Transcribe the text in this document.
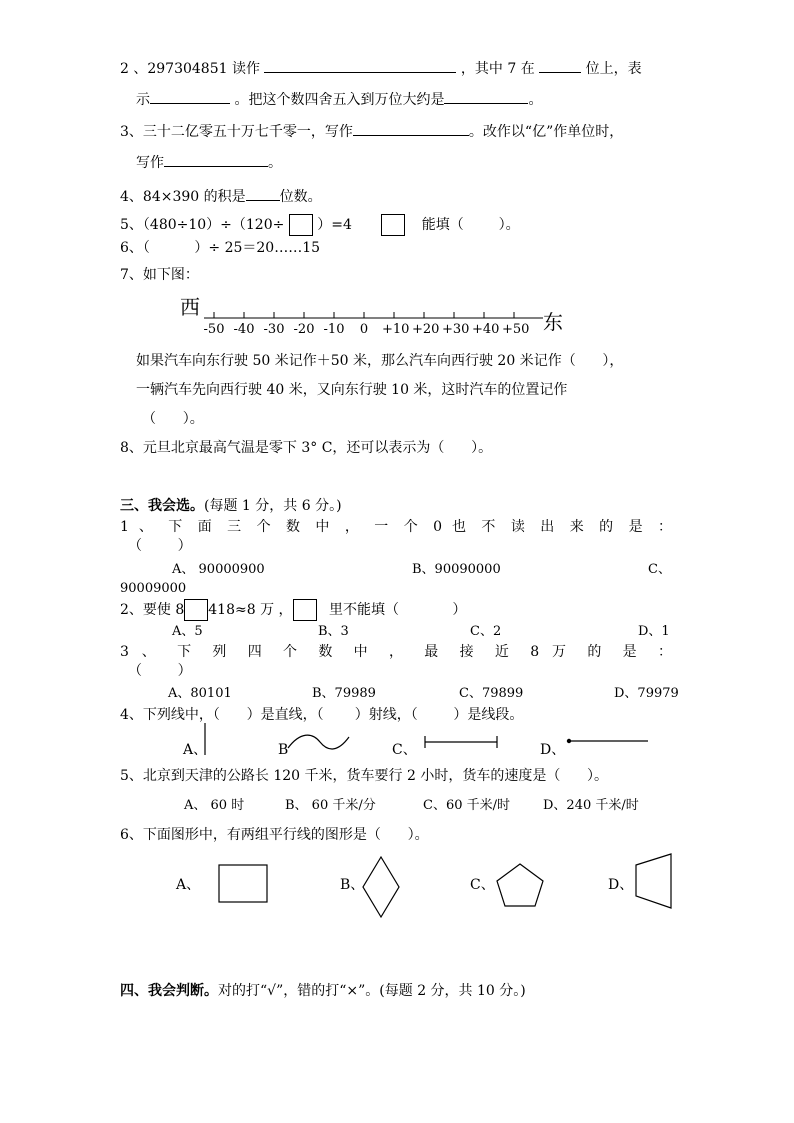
2 、297304851 读作	，其中 7 在	位上，表
示	。把这个数四舍五入到万位大约是	。
3、三十二亿零五十万七千零一，写作	。改作以“亿”作单位时，
写作	。
4、84×390 的积是 位数。
5、（480÷10）÷（120÷ ）=4	能填（ ）。
6、（          ）÷ 25＝20……15
7、如下图：
西
东
-50 -40 -30 -20 -10	0	+10 +20 +30 +40 +50
如果汽车向东行驶 50 米记作＋50 米，那么汽车向西行驶 20 米记作（      ），
一辆汽车先向西行驶 40 米，又向东行驶 10 米，这时汽车的位置记作
（      ）。
8、元旦北京最高气温是零下 3° C，还可以表示为（      ）。
三、我会选。(每题 1 分，共 6 分。)
1 、 下 面 三 个 数 中 ， 一 个 0 也 不 读 出 来 的 是 ：
（        ）
A、 90000900	B、90090000	C、
90009000
2、要使 8 418≈8 万 ，	里不能填（            ）
A、5	B、3	C、2	D、1
3 、 下 列 四 个 数 中 ， 最 接 近 8 万 的 是 ：
（        ）
A、80101	B、79989	C、79899	D、79979
4、下列线中，（      ）是直线，（       ）射线，（        ）是线段。
A、	B	C、	D、
5、北京到天津的公路长 120 千米，货车要行 2 小时，货车的速度是（      ）。
A、 60 时	B、 60 千米/分	C、60 千米/时	D、240 千米/时
6、下面图形中，有两组平行线的图形是（      ）。
A、	B、	C、	D、
四、我会判断。对的打“√”，错的打“×”。(每题 2 分，共 10 分。)
